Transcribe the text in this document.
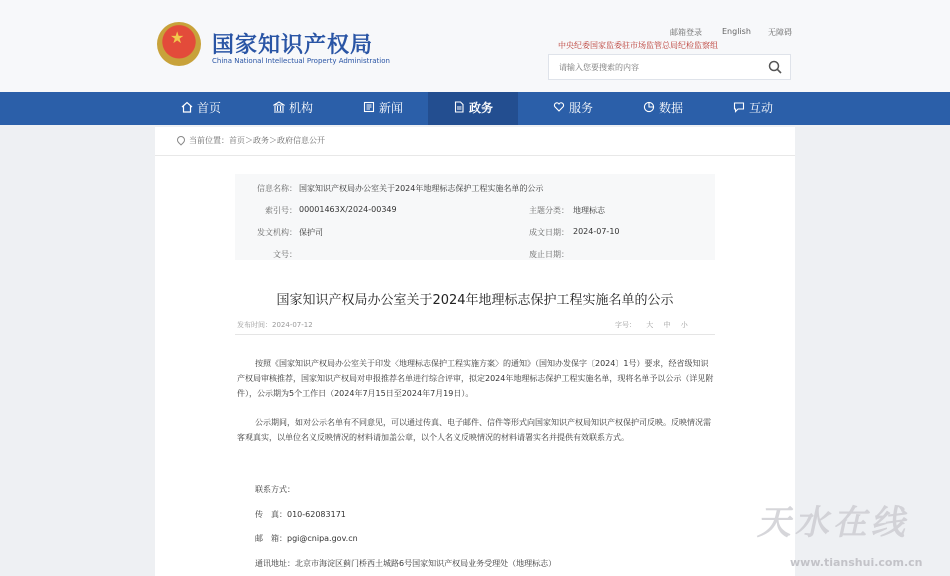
★
国家知识产权局
China National Intellectual Property Administration
邮箱登录	English 无障碍
中央纪委国家监委驻市场监管总局纪检监察组
请输入您要搜索的内容
首页	机构	新闻	政务	服务	数据	互动
当前位置：首页＞政务＞政府信息公开
信息名称： 国家知识产权局办公室关于2024年地理标志保护工程实施名单的公示
索引号： 00001463X/2024-00349	主题分类： 地理标志
发文机构： 保护司	成文日期： 2024-07-10
文号：	废止日期：
国家知识产权局办公室关于2024年地理标志保护工程实施名单的公示
发布时间：2024-07-12	字号： 大 中 小

按照《国家知识产权局办公室关于印发〈地理标志保护工程实施方案〉的通知》（国知办发保字〔2024〕1号）要求，经省级知识产权局审核推荐，国家知识产权局对申报推荐名单进行综合评审，拟定2024年地理标志保护工程实施名单，现将名单予以公示（详见附件），公示期为5个工作日（2024年7月15日至2024年7月19日）。

公示期间，如对公示名单有不同意见，可以通过传真、电子邮件、信件等形式向国家知识产权局知识产权保护司反映。反映情况需客观真实，以单位名义反映情况的材料请加盖公章，以个人名义反映情况的材料请署实名并提供有效联系方式。

联系方式：
传　真：010-62083171
邮　箱：pgi@cnipa.gov.cn
通讯地址：北京市海淀区蓟门桥西土城路6号国家知识产权局业务受理处（地理标志）
天水在线
www.tianshui.com.cn
